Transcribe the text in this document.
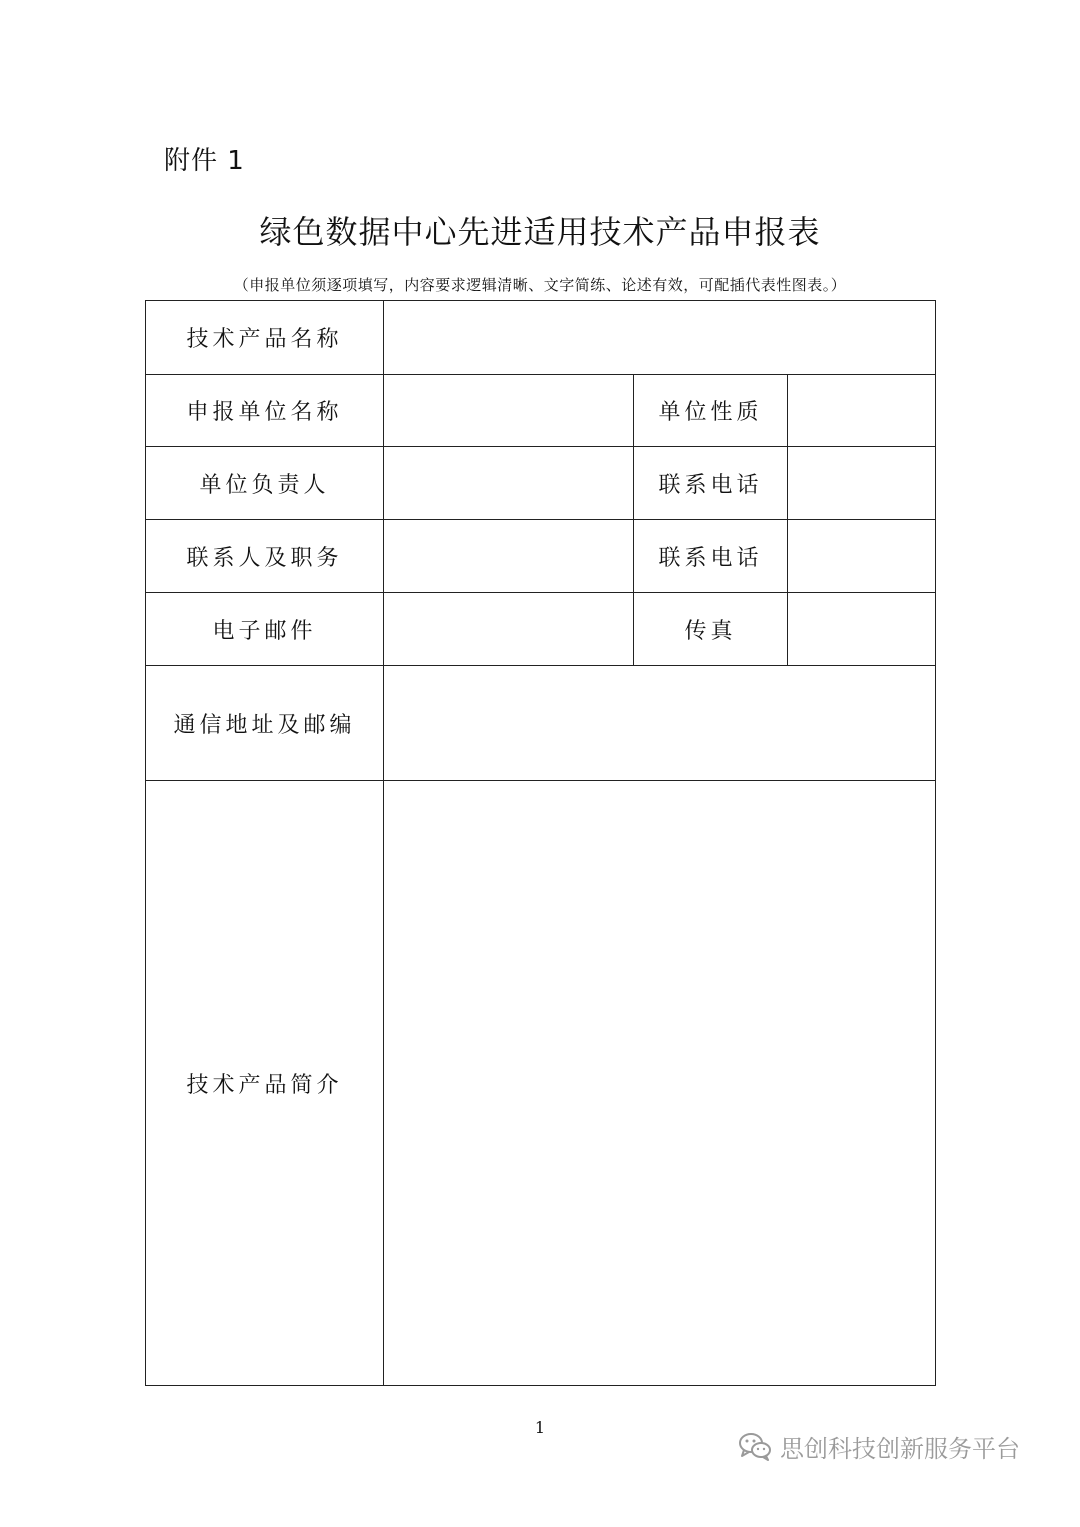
附件 1
绿色数据中心先进适用技术产品申报表
（申报单位须逐项填写，内容要求逻辑清晰、文字简练、论述有效，可配插代表性图表。）
技术产品名称			
申报单位名称		单位性质	
单位负责人		联系电话	
联系人及职务		联系电话	
电子邮件		传真	
通信地址及邮编			
技术产品简介			
1
思创科技创新服务平台
